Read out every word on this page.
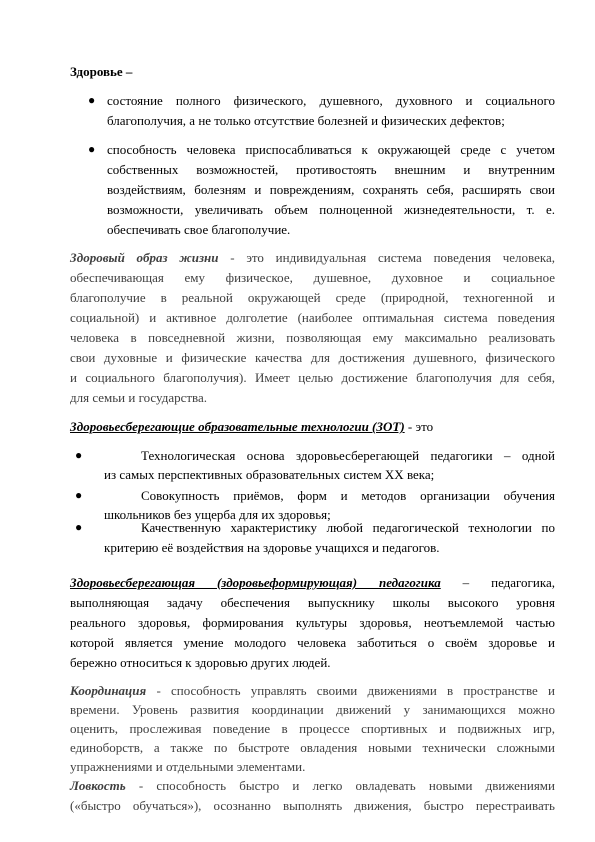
Здоровье –
● состояние полного физического, душевного, духовного и социального
благополучия, а не только отсутствие болезней и физических дефектов;
● способность человека приспосабливаться к окружающей среде с учетом
собственных возможностей, противостоять внешним и внутренним
воздействиям, болезням и повреждениям, сохранять себя, расширять свои
возможности, увеличивать объем полноценной жизнедеятельности, т. е.
обеспечивать свое благополучие.
Здоровый образ жизни - это индивидуальная система поведения человека,
обеспечивающая ему физическое, душевное, духовное и социальное
благополучие в реальной окружающей среде (природной, техногенной и
социальной) и активное долголетие (наиболее оптимальная система поведения
человека в повседневной жизни, позволяющая ему максимально реализовать
свои духовные и физические качества для достижения душевного, физического
и социального благополучия). Имеет целью достижение благополучия для себя,
для семьи и государства.
Здоровьесберегающие образовательные технологии (ЗОТ) - это
●	Технологическая основа здоровьесберегающей педагогики – одной
из самых перспективных образовательных систем XX века;
●	Совокупность приёмов, форм и методов организации обучения
школьников без ущерба для их здоровья;
●	Качественную характеристику любой педагогической технологии по
критерию её воздействия на здоровье учащихся и педагогов.
Здоровьесберегающая (здоровьеформирующая) педагогика – педагогика,
выполняющая задачу обеспечения выпускнику школы высокого уровня
реального здоровья, формирования культуры здоровья, неотъемлемой частью
которой является умение молодого человека заботиться о своём здоровье и
бережно относиться к здоровью других людей.
Координация - способность управлять своими движениями в пространстве и
времени. Уровень развития координации движений у занимающихся можно
оценить, прослеживая поведение в процессе спортивных и подвижных игр,
единоборств, а также по быстроте овладения новыми технически сложными
упражнениями и отдельными элементами.
Ловкость - способность быстро и легко овладевать новыми движениями
(«быстро обучаться»), осознанно выполнять движения, быстро перестраивать
